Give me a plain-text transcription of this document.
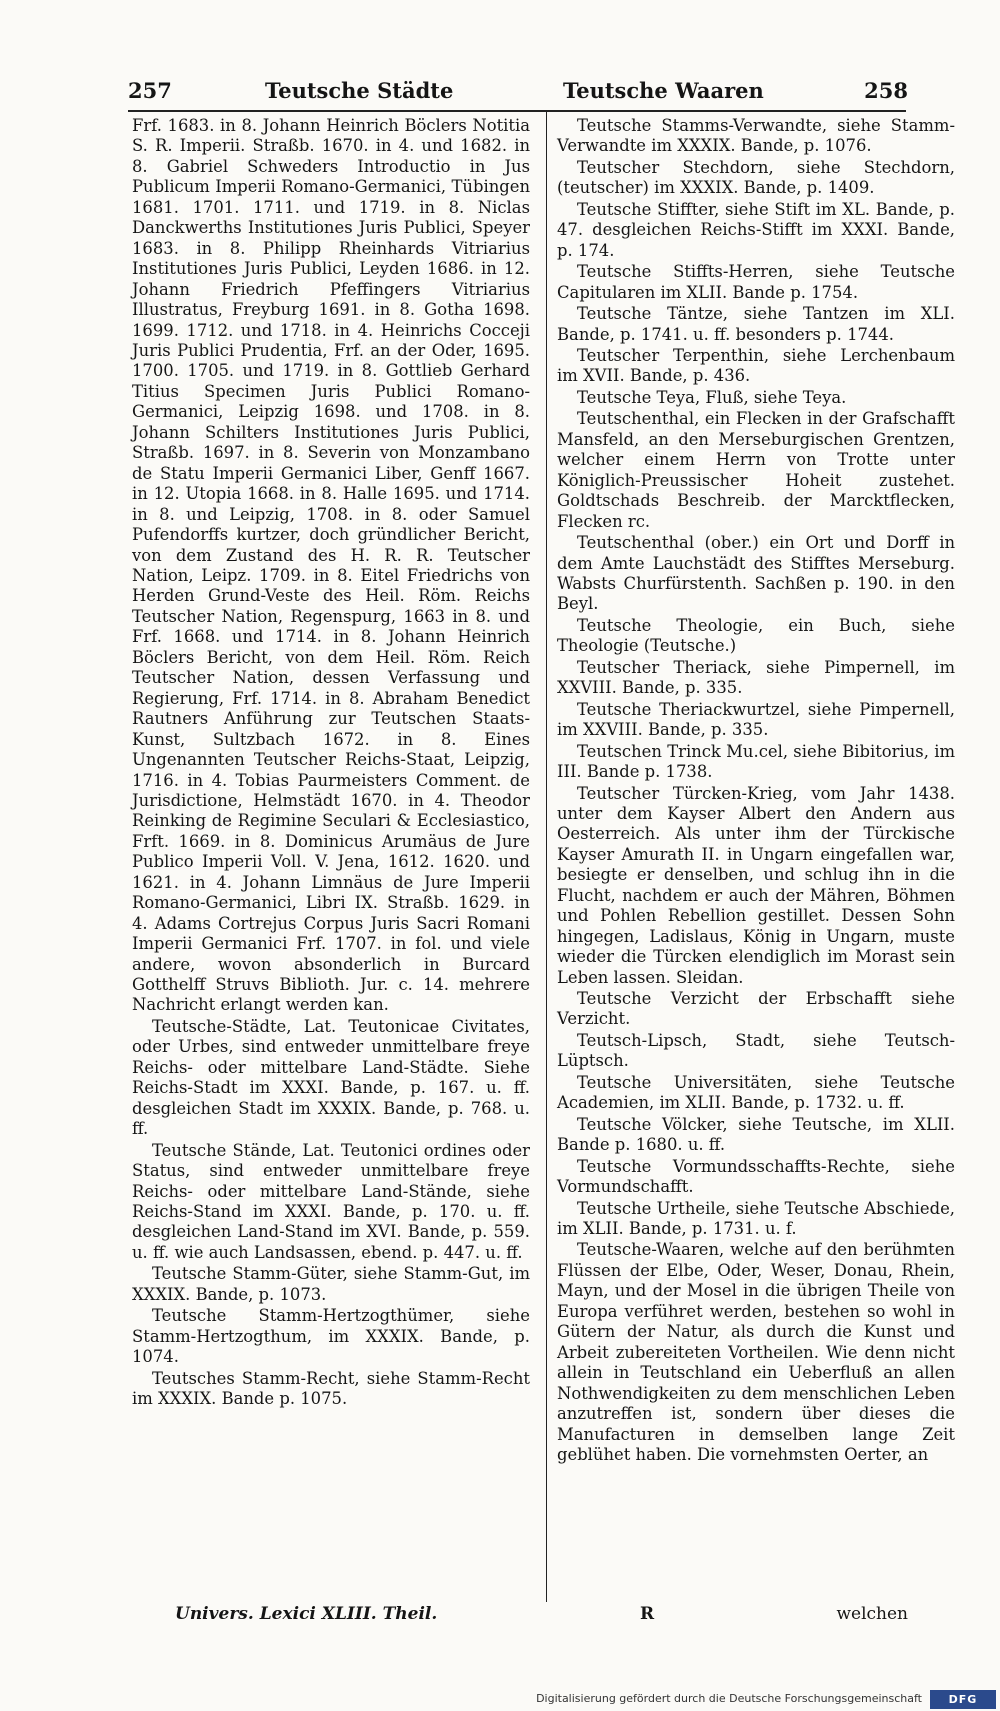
257	Teutsche Städte	Teutsche Waaren	258

Frf. 1683. in 8. Johann Heinrich Böclers Notitia S. R. Imperii. Straßb. 1670. in 4. und 1682. in 8. Gabriel Schweders Introductio in Jus Publicum Imperii Romano-Germanici, Tübingen 1681. 1701. 1711. und 1719. in 8. Niclas Danckwerths Institutiones Juris Publici, Speyer 1683. in 8. Philipp Rheinhards Vitriarius Institutiones Juris Publici, Leyden 1686. in 12. Johann Friedrich Pfeffingers Vitriarius Illustratus, Freyburg 1691. in 8. Gotha 1698. 1699. 1712. und 1718. in 4. Heinrichs Cocceji Juris Publici Prudentia, Frf. an der Oder, 1695. 1700. 1705. und 1719. in 8. Gottlieb Gerhard Titius Specimen Juris Publici Romano-Germanici, Leipzig 1698. und 1708. in 8. Johann Schilters Institutiones Juris Publici, Straßb. 1697. in 8. Severin von Monzambano de Statu Imperii Germanici Liber, Genff 1667. in 12. Utopia 1668. in 8. Halle 1695. und 1714. in 8. und Leipzig, 1708. in 8. oder Samuel Pufendorffs kurtzer, doch gründlicher Bericht, von dem Zustand des H. R. R. Teutscher Nation, Leipz. 1709. in 8. Eitel Friedrichs von Herden Grund-Veste des Heil. Röm. Reichs Teutscher Nation, Regenspurg, 1663 in 8. und Frf. 1668. und 1714. in 8. Johann Heinrich Böclers Bericht, von dem Heil. Röm. Reich Teutscher Nation, dessen Verfassung und Regierung, Frf. 1714. in 8. Abraham Benedict Rautners Anführung zur Teutschen Staats-Kunst, Sultzbach 1672. in 8. Eines Ungenannten Teutscher Reichs-Staat, Leipzig, 1716. in 4. Tobias Paurmeisters Comment. de Jurisdictione, Helmstädt 1670. in 4. Theodor Reinking de Regimine Seculari & Ecclesiastico, Frft. 1669. in 8. Dominicus Arumäus de Jure Publico Imperii Voll. V. Jena, 1612. 1620. und 1621. in 4. Johann Limnäus de Jure Imperii Romano-Germanici, Libri IX. Straßb. 1629. in 4. Adams Cortrejus Corpus Juris Sacri Romani Imperii Germanici Frf. 1707. in fol. und viele andere, wovon absonderlich in Burcard Gotthelff Struvs Biblioth. Jur. c. 14. mehrere Nachricht erlangt werden kan.

Teutsche-Städte, Lat. Teutonicae Civitates, oder Urbes, sind entweder unmittelbare freye Reichs- oder mittelbare Land-Städte. Siehe Reichs-Stadt im XXXI. Bande, p. 167. u. ff. desgleichen Stadt im XXXIX. Bande, p. 768. u. ff.

Teutsche Stände, Lat. Teutonici ordines oder Status, sind entweder unmittelbare freye Reichs- oder mittelbare Land-Stände, siehe Reichs-Stand im XXXI. Bande, p. 170. u. ff. desgleichen Land-Stand im XVI. Bande, p. 559. u. ff. wie auch Landsassen, ebend. p. 447. u. ff.

Teutsche Stamm-Güter, siehe Stamm-Gut, im XXXIX. Bande, p. 1073.

Teutsche Stamm-Hertzogthümer, siehe Stamm-Hertzogthum, im XXXIX. Bande, p. 1074.

Teutsches Stamm-Recht, siehe Stamm-Recht im XXXIX. Bande p. 1075.

Teutsche Stamms-Verwandte, siehe Stamm-Verwandte im XXXIX. Bande, p. 1076.

Teutscher Stechdorn, siehe Stechdorn, (teutscher) im XXXIX. Bande, p. 1409.

Teutsche Stiffter, siehe Stift im XL. Bande, p. 47. desgleichen Reichs-Stifft im XXXI. Bande, p. 174.

Teutsche Stiffts-Herren, siehe Teutsche Capitularen im XLII. Bande p. 1754.

Teutsche Täntze, siehe Tantzen im XLI. Bande, p. 1741. u. ff. besonders p. 1744.

Teutscher Terpenthin, siehe Lerchenbaum im XVII. Bande, p. 436.

Teutsche Teya, Fluß, siehe Teya.

Teutschenthal, ein Flecken in der Grafschafft Mansfeld, an den Merseburgischen Grentzen, welcher einem Herrn von Trotte unter Königlich-Preussischer Hoheit zustehet. Goldtschads Beschreib. der Marcktflecken, Flecken rc.

Teutschenthal (ober.) ein Ort und Dorff in dem Amte Lauchstädt des Stifftes Merseburg. Wabsts Churfürstenth. Sachßen p. 190. in den Beyl.

Teutsche Theologie, ein Buch, siehe Theologie (Teutsche.)

Teutscher Theriack, siehe Pimpernell, im XXVIII. Bande, p. 335.

Teutsche Theriackwurtzel, siehe Pimpernell, im XXVIII. Bande, p. 335.

Teutschen Trinck Mu.cel, siehe Bibitorius, im III. Bande p. 1738.

Teutscher Türcken-Krieg, vom Jahr 1438. unter dem Kayser Albert den Andern aus Oesterreich. Als unter ihm der Türckische Kayser Amurath II. in Ungarn eingefallen war, besiegte er denselben, und schlug ihn in die Flucht, nachdem er auch der Mähren, Böhmen und Pohlen Rebellion gestillet. Dessen Sohn hingegen, Ladislaus, König in Ungarn, muste wieder die Türcken elendiglich im Morast sein Leben lassen. Sleidan.

Teutsche Verzicht der Erbschafft siehe Verzicht.

Teutsch-Lipsch, Stadt, siehe Teutsch-Lüptsch.

Teutsche Universitäten, siehe Teutsche Academien, im XLII. Bande, p. 1732. u. ff.

Teutsche Völcker, siehe Teutsche, im XLII. Bande p. 1680. u. ff.

Teutsche Vormundsschaffts-Rechte, siehe Vormundschafft.

Teutsche Urtheile, siehe Teutsche Abschiede, im XLII. Bande, p. 1731. u. f.

Teutsche-Waaren, welche auf den berühmten Flüssen der Elbe, Oder, Weser, Donau, Rhein, Mayn, und der Mosel in die übrigen Theile von Europa verführet werden, bestehen so wohl in Gütern der Natur, als durch die Kunst und Arbeit zubereiteten Vortheilen. Wie denn nicht allein in Teutschland ein Ueberfluß an allen Nothwendigkeiten zu dem menschlichen Leben anzutreffen ist, sondern über dieses die Manufacturen in demselben lange Zeit geblühet haben. Die vornehmsten Oerter, an

Univers. Lexici XLIII. Theil.	R	welchen
Digitalisierung gefördert durch die Deutsche Forschungsgemeinschaft	DFG
